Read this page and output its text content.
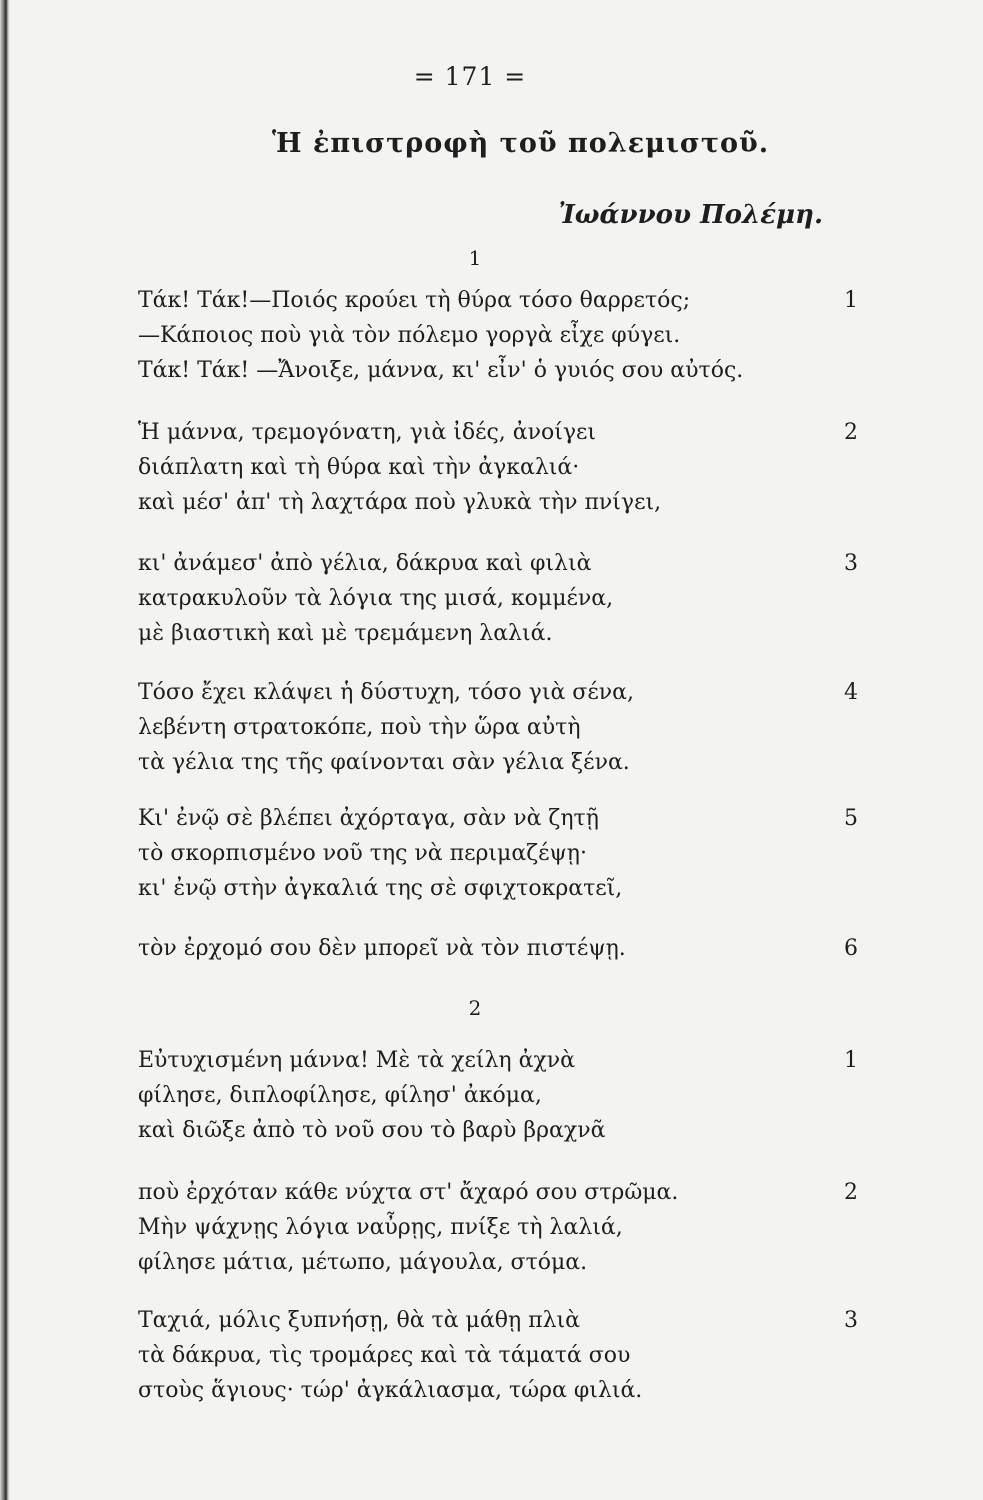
= 171 =
Ἡ ἐπιστροφὴ τοῦ πολεμιστοῦ.
Ἰωάννου Πολέμη.
1
Τάκ! Τάκ!—Ποιός κρούει τὴ θύρα τόσο θαρρετός;	1
—Κάποιος ποὺ γιὰ τὸν πόλεμο γοργὰ εἶχε φύγει.
Τάκ! Τάκ! —Ἄνοιξε, μάννα, κι' εἶν' ὁ γυιός σου αὐτός.
Ἡ μάννα, τρεμογόνατη, γιὰ ἰδές, ἀνοίγει	2
διάπλατη καὶ τὴ θύρα καὶ τὴν ἀγκαλιά·
καὶ μέσ' ἀπ' τὴ λαχτάρα ποὺ γλυκὰ τὴν πνίγει,
κι' ἀνάμεσ' ἀπὸ γέλια, δάκρυα καὶ φιλιὰ	3
κατρακυλοῦν τὰ λόγια της μισά, κομμένα,
μὲ βιαστικὴ καὶ μὲ τρεμάμενη λαλιά.
Τόσο ἔχει κλάψει ἡ δύστυχη, τόσο γιὰ σένα,	4
λεβέντη στρατοκόπε, ποὺ τὴν ὥρα αὐτὴ
τὰ γέλια της τῆς φαίνονται σὰν γέλια ξένα.
Κι' ἐνῷ σὲ βλέπει ἀχόρταγα, σὰν νὰ ζητῇ	5
τὸ σκορπισμένο νοῦ της νὰ περιμαζέψῃ·
κι' ἐνῷ στὴν ἀγκαλιά της σὲ σφιχτοκρατεῖ,
τὸν ἐρχομό σου δὲν μπορεῖ νὰ τὸν πιστέψῃ.	6
2
Εὐτυχισμένη μάννα! Μὲ τὰ χείλη ἀχνὰ	1
φίλησε, διπλοφίλησε, φίλησ' ἀκόμα,
καὶ διῶξε ἀπὸ τὸ νοῦ σου τὸ βαρὺ βραχνᾶ
ποὺ ἐρχόταν κάθε νύχτα στ' ἄχαρό σου στρῶμα.	2
Μὴν ψάχνῃς λόγια ναὖρῃς, πνίξε τὴ λαλιά,
φίλησε μάτια, μέτωπο, μάγουλα, στόμα.
Ταχιά, μόλις ξυπνήσῃ, θὰ τὰ μάθῃ πλιὰ	3
τὰ δάκρυα, τὶς τρομάρες καὶ τὰ τάματά σου
στοὺς ἅγιους· τώρ' ἀγκάλιασμα, τώρα φιλιά.
